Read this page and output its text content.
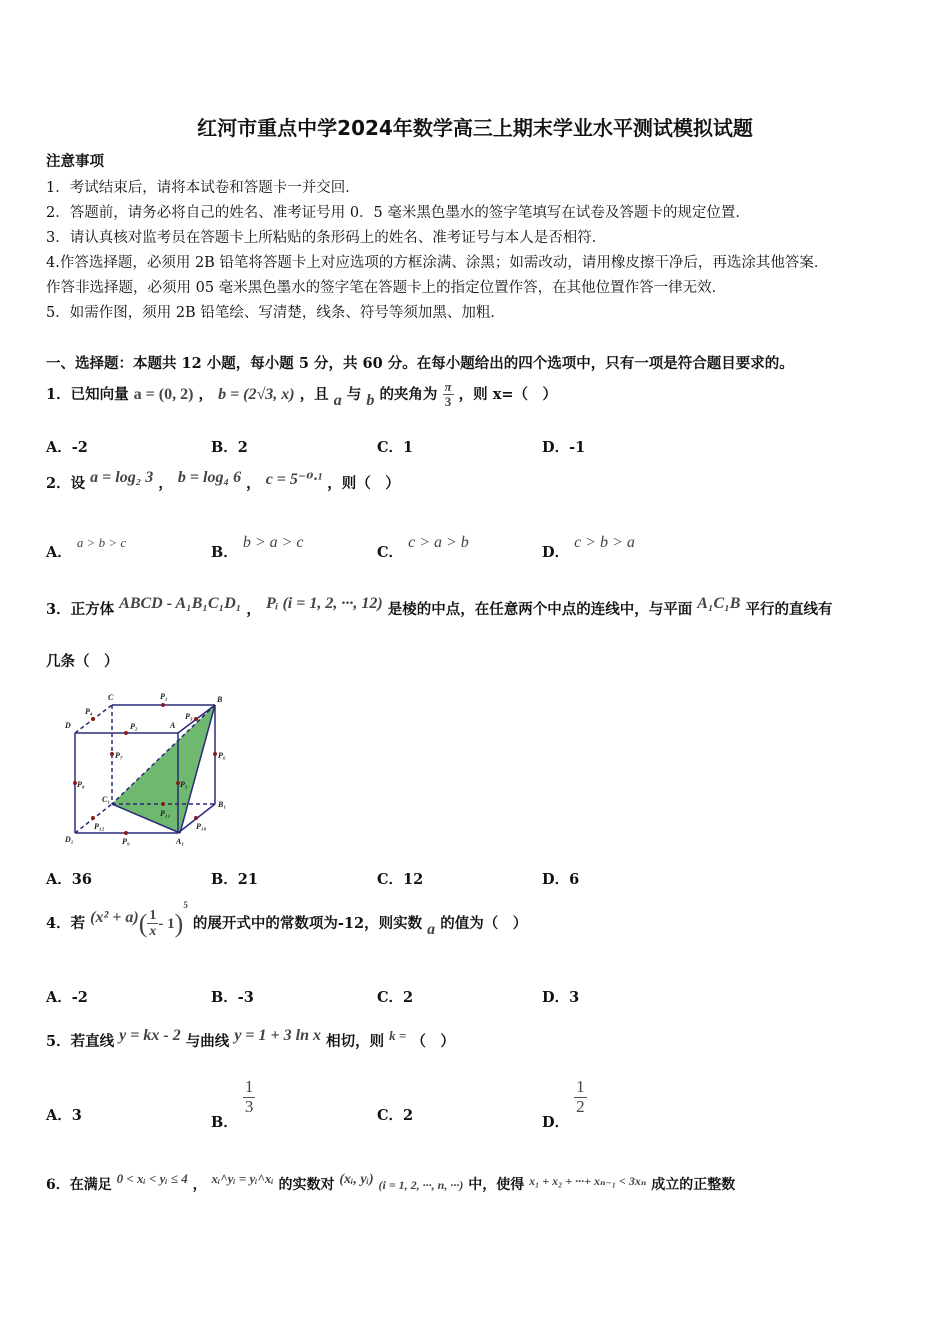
红河市重点中学2024年数学高三上期末学业水平测试模拟试题
注意事项
1．考试结束后，请将本试卷和答题卡一并交回．
2．答题前，请务必将自己的姓名、准考证号用 0．5 毫米黑色墨水的签字笔填写在试卷及答题卡的规定位置．
3．请认真核对监考员在答题卡上所粘贴的条形码上的姓名、准考证号与本人是否相符．
4.作答选择题，必须用 2B 铅笔将答题卡上对应选项的方框涂满、涂黑；如需改动，请用橡皮擦干净后，再选涂其他答案．
作答非选择题，必须用 05 毫米黑色墨水的签字笔在答题卡上的指定位置作答，在其他位置作答一律无效．
5．如需作图，须用 2B 铅笔绘、写清楚，线条、符号等须加黑、加粗．
一、选择题：本题共 12 小题，每小题 5 分，共 60 分。在每小题给出的四个选项中，只有一项是符合题目要求的。
1．已知向量 a = (0, 2) ， b = (2√3, x) ，且 a 与 b 的夹角为 $\frac{\pi}{3}$ ，则 x=（　）
A．-2	B．2	C．1	D．-1
2．设 a = log₂ 3 ， b = log₄ 6 ， c = 5⁻⁰·¹ ，则（　）
A． a > b > c
B． b > a > c
C． c > a > b
D． c > b > a
3．正方体 ABCD - A₁B₁C₁D₁ ， Pᵢ (i = 1, 2, ···, 12) 是棱的中点，在任意两个中点的连线中，与平面 A₁C₁B 平行的直线有
几条（　）
C	P₁	B
D
P₄
P₂
P₃
A
P₇	P₆
P₈	P₅
C₁
B₁
P₁₁
P₁₂	P₁₀
D₁	P₉	A₁
A．36	B．21	C．12	D．6
4．若 $(x^2 + a)( \frac{1}{x} - 1)^5$ 的展开式中的常数项为-12，则实数 a 的值为（　）
A．-2	B．-3	C．2	D．3
5．若直线 y = kx - 2 与曲线 y = 1 + 3 ln x 相切，则 k = （　）
A．3	B．
$\frac{1}{3}$	C．2	D．
$\frac{1}{2}$
6．在满足 0 < xᵢ < yᵢ ≤ 4 ， xᵢ^yᵢ = yᵢ^xᵢ 的实数对 (xᵢ, yᵢ) (i = 1, 2, ···, n, ···) 中，使得 x₁ + x₂ + ···+ xₙ₋₁ < 3xₙ 成立的正整数
